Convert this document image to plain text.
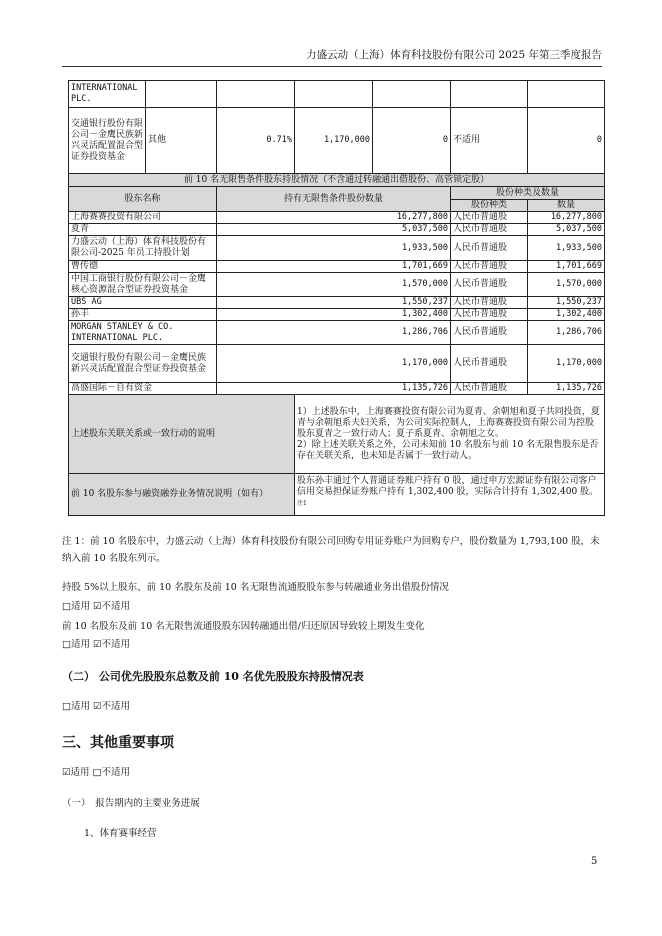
力盛云动（上海）体育科技股份有限公司 2025 年第三季度报告
INTERNATIONAL PLC.						
交通银行股份有限公司－金鹰民族新兴灵活配置混合型证券投资基金	其他	0.71%	1,170,000	0	不适用	0
前 10 名无限售条件股东持股情况（不含通过转融通出借股份、高管锁定股）						
股东名称		持有无限售条件股份数量			股份种类及数量	
					股份种类	数量
上海赛赛投资有限公司		16,277,800			人民币普通股	16,277,800
夏青		5,037,500			人民币普通股	5,037,500
力盛云动（上海）体育科技股份有限公司-2025 年员工持股计划		1,933,500			人民币普通股	1,933,500
曹传德		1,701,669			人民币普通股	1,701,669
中国工商银行股份有限公司－金鹰核心资源混合型证券投资基金		1,570,000			人民币普通股	1,570,000
UBS AG		1,550,237			人民币普通股	1,550,237
孙丰		1,302,400			人民币普通股	1,302,400
MORGAN STANLEY & CO. INTERNATIONAL PLC.		1,286,706			人民币普通股	1,286,706
交通银行股份有限公司－金鹰民族新兴灵活配置混合型证券投资基金		1,170,000			人民币普通股	1,170,000
高盛国际－自有资金		1,135,726			人民币普通股	1,135,726
上述股东关联关系或一致行动的说明			1）上述股东中，上海赛赛投资有限公司为夏青、余朝旭和夏子共同投资，夏青与余朝旭系夫妇关系，为公司实际控制人，上海赛赛投资有限公司为控股股东夏青之一致行动人；夏子系夏青、余朝旭之女。
2）除上述关联关系之外，公司未知前 10 名股东与前 10 名无限售股东是否存在关联关系，也未知是否属于一致行动人。			

前 10 名股东参与融资融券业务情况说明（如有）			股东孙丰通过个人普通证券账户持有 0 股，通过申万宏源证券有限公司客户信用交易担保证券账户持有 1,302,400 股，实际合计持有 1,302,400 股。$^{注1}$
注 1：前 10 名股东中，力盛云动（上海）体育科技股份有限公司回购专用证券账户为回购专户，股份数量为 1,793,100 股，未纳入前 10 名股东列示。
持股 5%以上股东、前 10 名股东及前 10 名无限售流通股股东参与转融通业务出借股份情况
□适用 ☑不适用
前 10 名股东及前 10 名无限售流通股股东因转融通出借/归还原因导致较上期发生变化
□适用 ☑不适用
（二） 公司优先股股东总数及前 10 名优先股股东持股情况表
□适用 ☑不适用
三、其他重要事项
☑适用 □不适用
（一）　报告期内的主要业务进展
1、体育赛事经营
5
